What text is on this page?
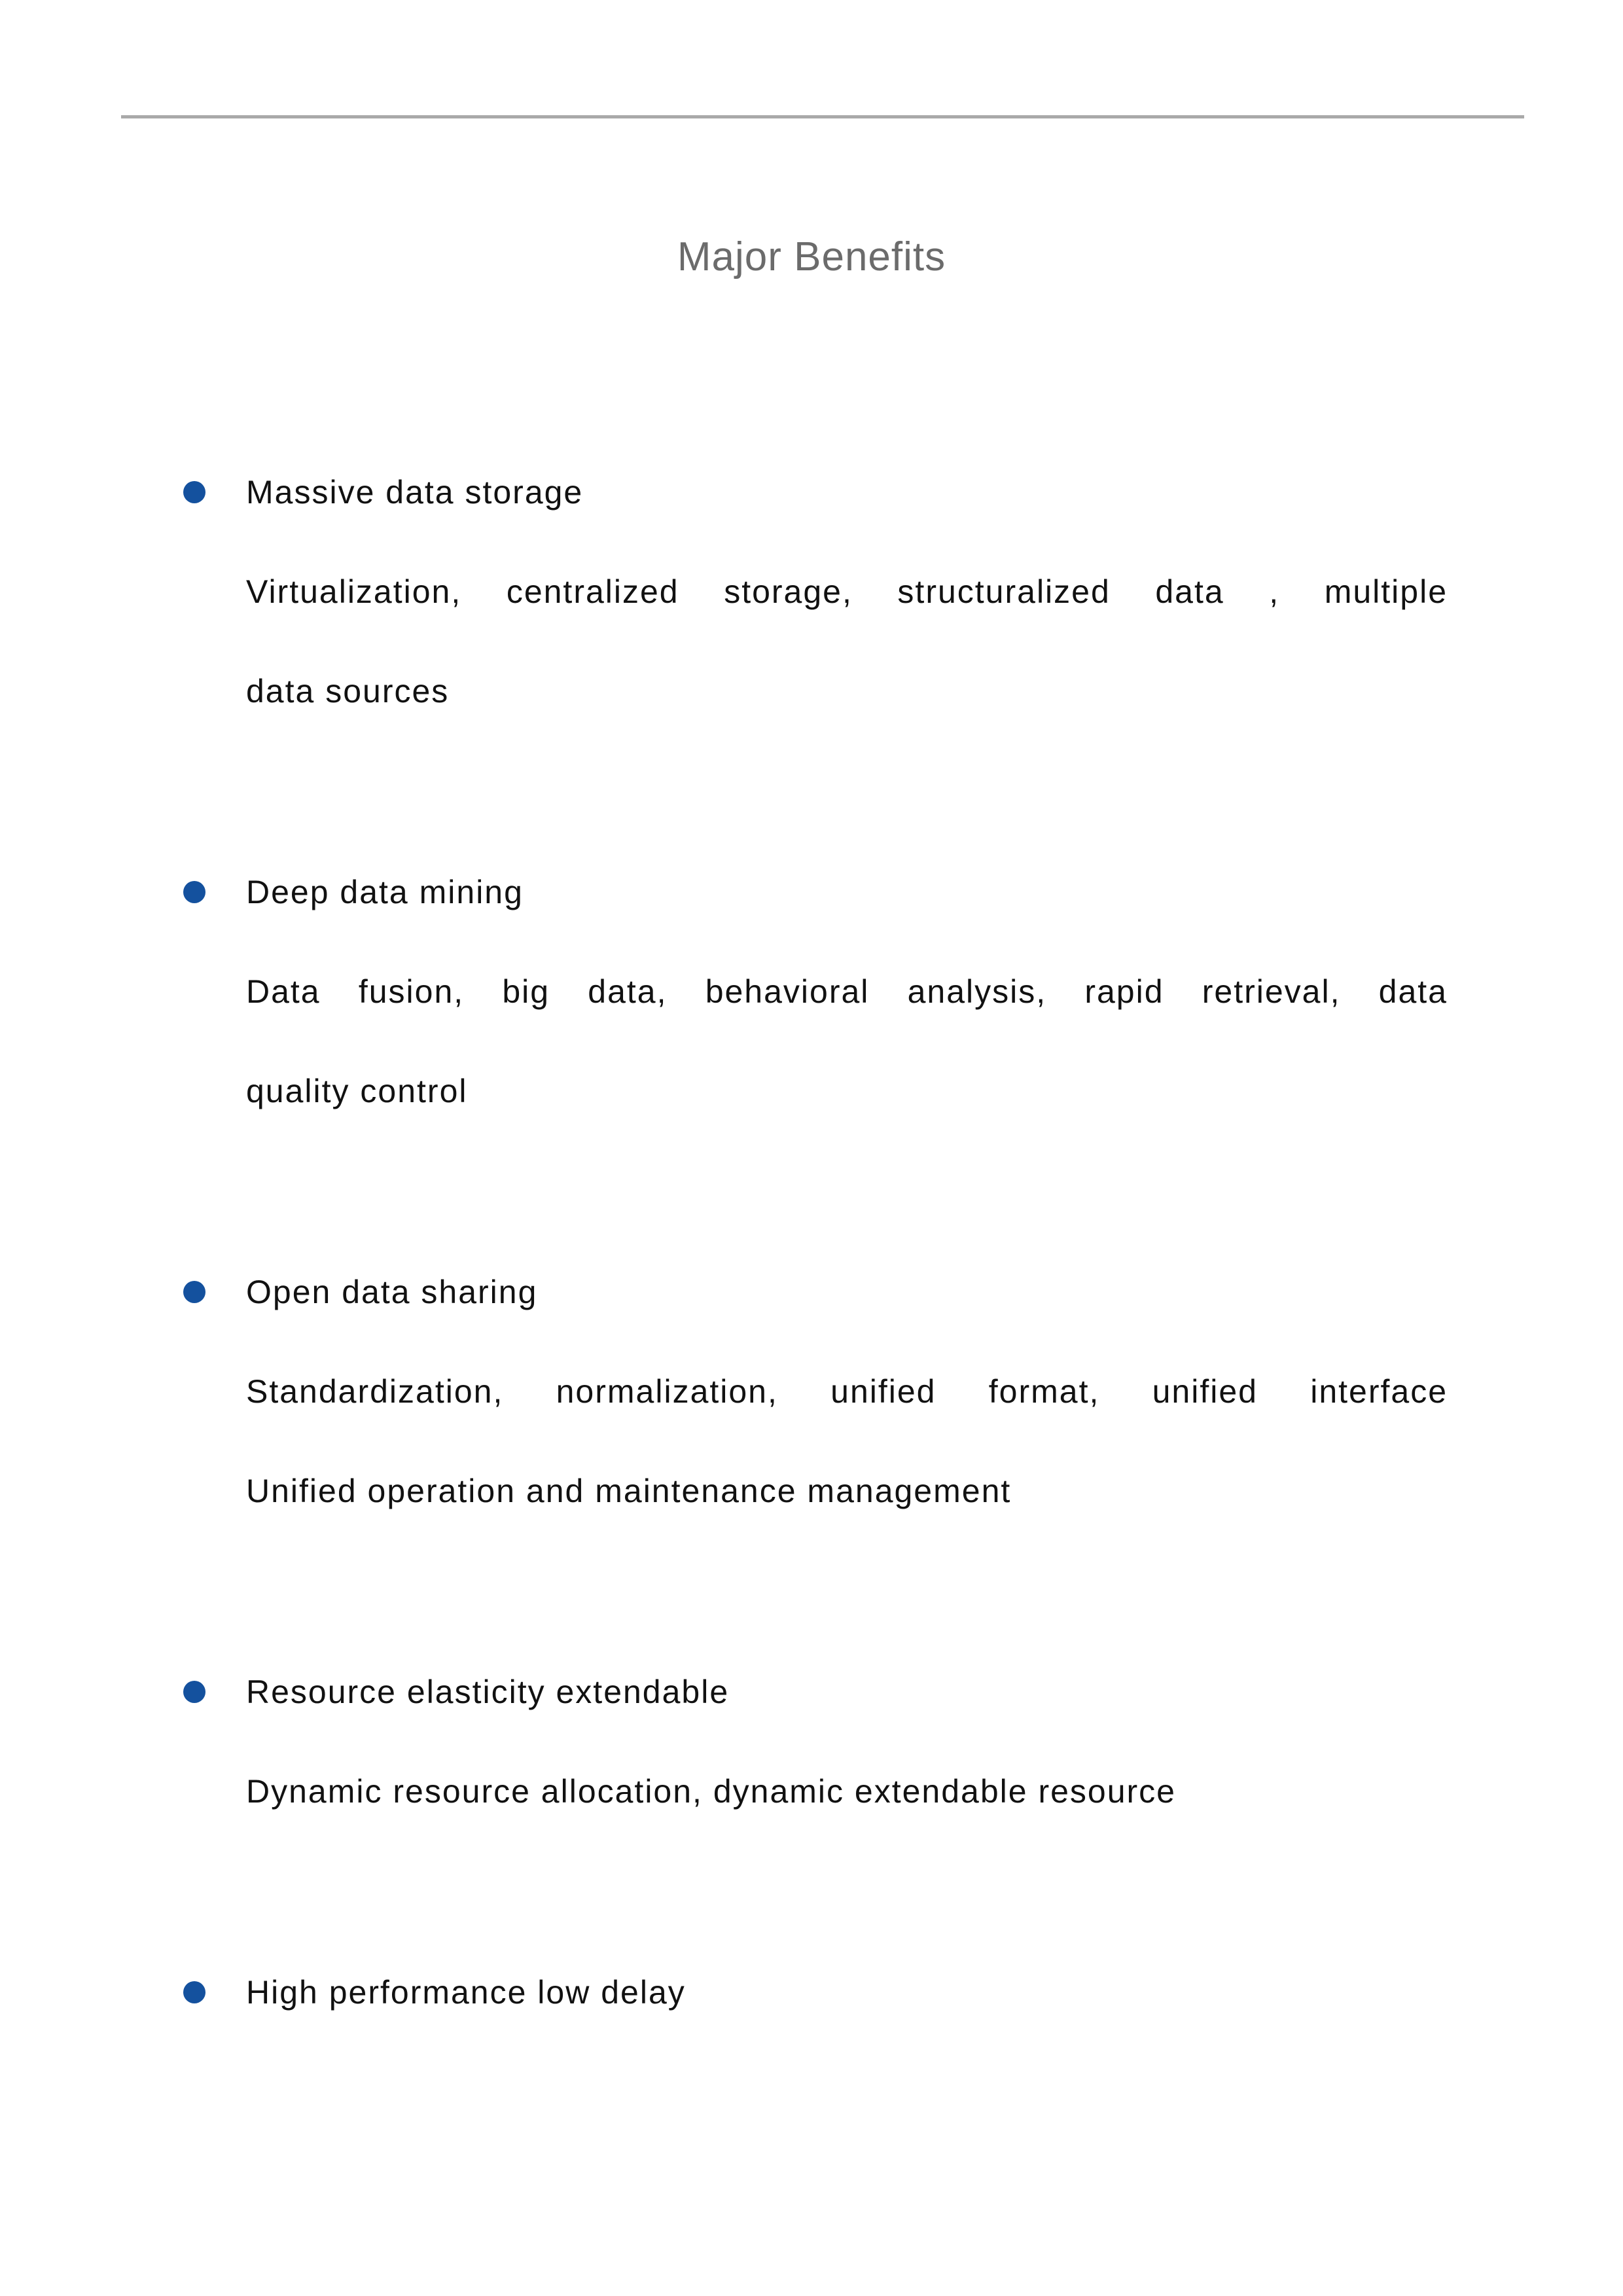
Major Benefits
Massive data storage
Virtualization, centralized storage, structuralized data , multiple
data sources
Deep data mining
Data fusion, big data, behavioral analysis, rapid retrieval, data
quality control
Open data sharing
Standardization, normalization, unified format, unified interface
Unified operation and maintenance management
Resource elasticity extendable
Dynamic resource allocation, dynamic extendable resource
High performance low delay
